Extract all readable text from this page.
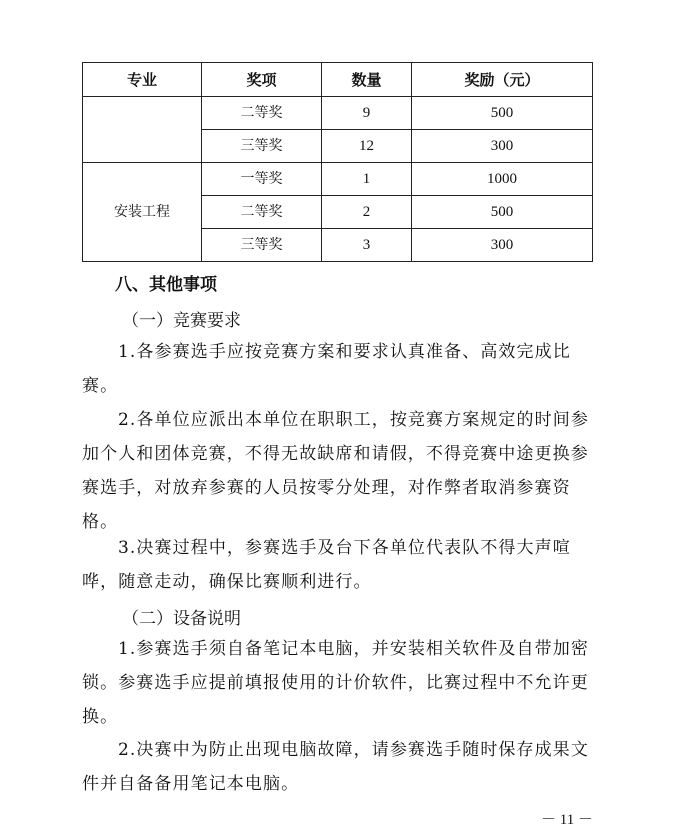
专业	奖项	数量	奖励（元）
	二等奖	9	500
	三等奖	12	300
安装工程	一等奖	1	1000
	二等奖	2	500
	三等奖	3	300
八、其他事项
（一）竞赛要求
1.各参赛选手应按竞赛方案和要求认真准备、高效完成比赛。
2.各单位应派出本单位在职职工，按竞赛方案规定的时间参加个人和团体竞赛，不得无故缺席和请假，不得竞赛中途更换参赛选手，对放弃参赛的人员按零分处理，对作弊者取消参赛资格。
3.决赛过程中，参赛选手及台下各单位代表队不得大声喧哗，随意走动，确保比赛顺利进行。
（二）设备说明
1.参赛选手须自备笔记本电脑，并安装相关软件及自带加密锁。参赛选手应提前填报使用的计价软件，比赛过程中不允许更换。
2.决赛中为防止出现电脑故障，请参赛选手随时保存成果文件并自备备用笔记本电脑。
－ 11 －
